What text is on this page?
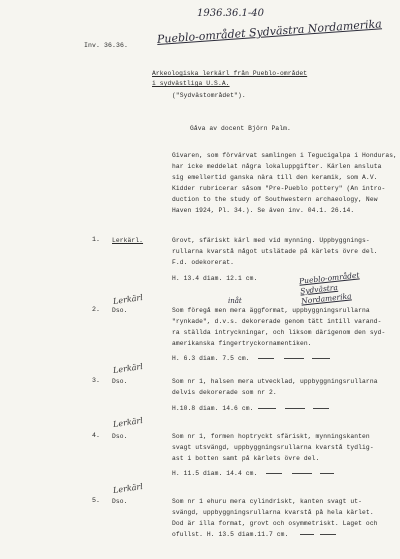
1936.36.1-40
Inv. 36.36.	Pueblo-området Sydvästra Nordamerika
Arkeologiska lerkärl från Pueblo-området
i sydvästliga U.S.A.
("Sydvästområdet").
Gåva av docent Björn Palm.
Givaren, som förvärvat samlingen i Tegucigalpa i Honduras,
har icke meddelat några lokaluppgifter. Kärlen ansluta
sig emellertid ganska nära till den keramik, som A.V.
Kidder rubricerar såsom "Pre-Pueblo pottery" (An intro-
duction to the study of Southwestern archaeology, New
Haven 1924, Pl. 34.). Se även inv. 04.1. 26.14.
1. Lerkärl.	Grovt, sfäriskt kärl med vid mynning. Uppbyggnings-
rullarna kvarstå något utslätade på kärlets övre del.
F.d. odekorerat.
H. 13.4 diam. 12.1 cm.	Pueblo-området Sydvästra Nordamerika
Lerkärl
2. Dso.
inåt
Som föregå men mera äggformat, uppbyggningsrullarna
"rynkade", d.v.s. dekorerade genom tätt intill varand-
ra ställda intryckningar, och liksom därigenom den syd-
amerikanska fingertryckornamentiken.
H. 6.3 diam. 7.5 cm.
Lerkärl
3. Dso.	Som nr 1, halsen mera utvecklad, uppbyggningsrullarna
delvis dekorerade som nr 2.
H.10.8 diam. 14.6 cm.
Lerkärl
4. Dso.	Som nr 1, formen hoptryckt sfäriskt, mynningskanten
svagt utsvängd, uppbyggningsrullarna kvarstå tydlig-
ast i botten samt på kärlets övre del.
H. 11.5 diam. 14.4 cm.
Lerkärl
5. Dso.	Som nr 1 ehuru mera cylindriskt, kanten svagt ut-
svängd, uppbyggningsrullarna kvarstå på hela kärlet.
Dod är illa format, grovt och osymmetriskt. Laget och
ofullst. H. 13.5 diam.11.7 cm.
